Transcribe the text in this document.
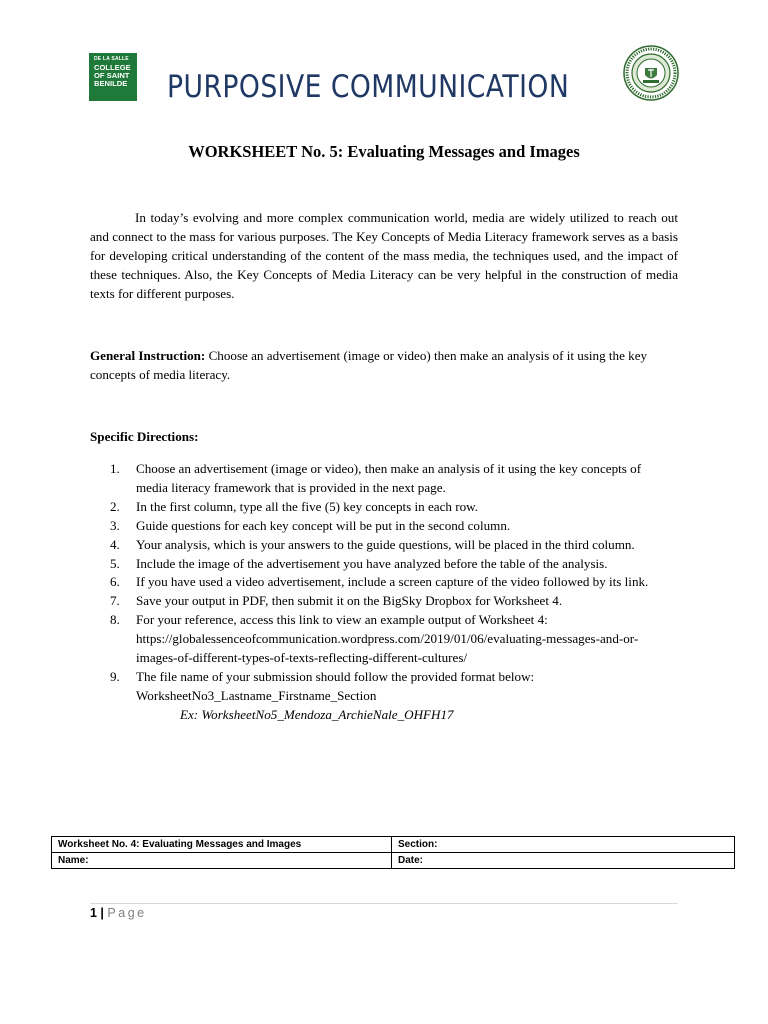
DE LA SALLE
COLLEGE
OF SAINT
BENILDE PURPOSIVE COMMUNICATION
WORKSHEET No. 5: Evaluating Messages and Images

In today’s evolving and more complex communication world, media are widely utilized to reach out and connect to the mass for various purposes. The Key Concepts of Media Literacy framework serves as a basis for developing critical understanding of the content of the mass media, the techniques used, and the impact of these techniques. Also, the Key Concepts of Media Literacy can be very helpful in the construction of media texts for different purposes.

General Instruction: Choose an advertisement (image or video) then make an analysis of it using the key concepts of media literacy.

Specific Directions:

1. Choose an advertisement (image or video), then make an analysis of it using the key concepts of
media literacy framework that is provided in the next page.
2. In the first column, type all the five (5) key concepts in each row.
3. Guide questions for each key concept will be put in the second column.
4. Your analysis, which is your answers to the guide questions, will be placed in the third column.
5. Include the image of the advertisement you have analyzed before the table of the analysis.
6. If you have used a video advertisement, include a screen capture of the video followed by its link.
7. Save your output in PDF, then submit it on the BigSky Dropbox for Worksheet 4.
8. For your reference, access this link to view an example output of Worksheet 4:
https://globalessenceofcommunication.wordpress.com/2019/01/06/evaluating-messages-and-or-
images-of-different-types-of-texts-reflecting-different-cultures/
9. The file name of your submission should follow the provided format below:
WorksheetNo3_Lastname_Firstname_Section
Ex: WorksheetNo5_Mendoza_ArchieNale_OHFH17
Worksheet No. 4: Evaluating Messages and Images	Section:
Name:	Date:
1 | Page
